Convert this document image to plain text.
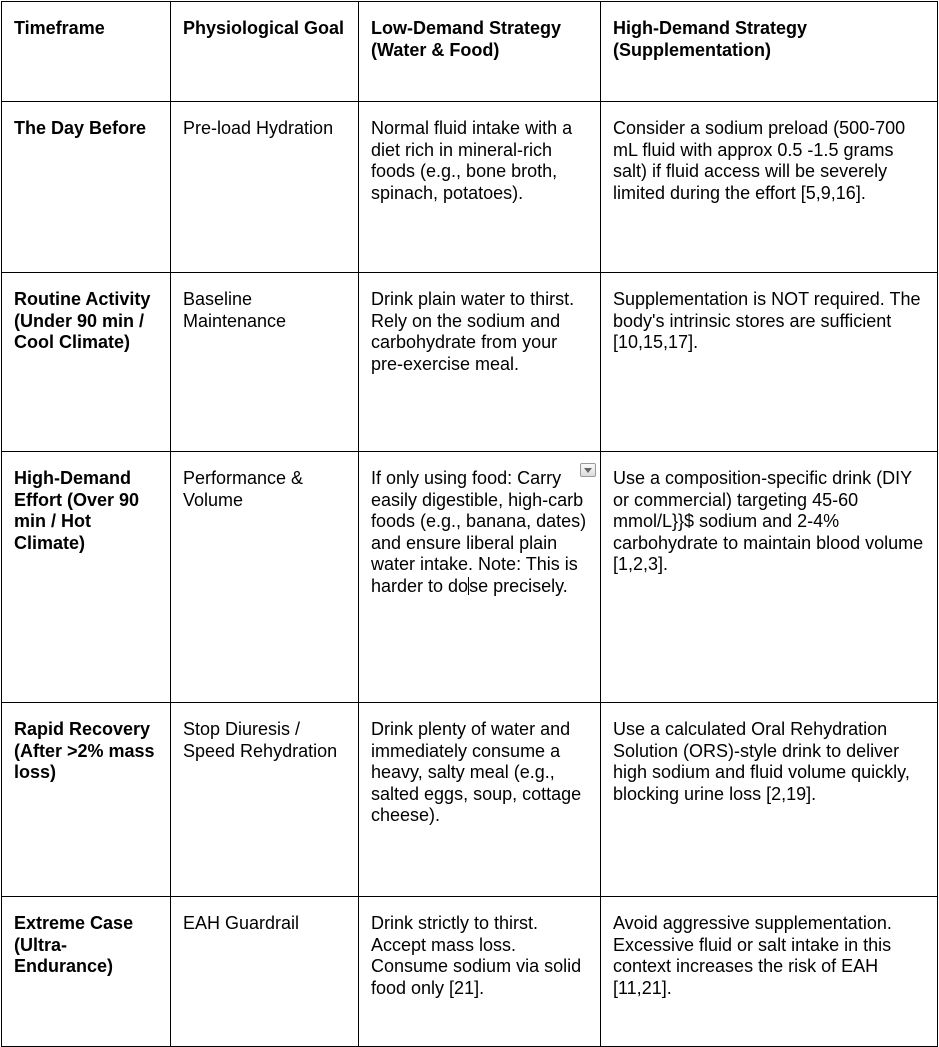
Timeframe	Physiological Goal	Low-Demand Strategy (Water & Food)	High-Demand Strategy (Supplementation)

The Day Before	Pre-load Hydration	Normal fluid intake with a diet rich in mineral-rich foods (e.g., bone broth, spinach, potatoes).	Consider a sodium preload (500-700 mL fluid with approx 0.5 -1.5 grams salt) if fluid access will be severely limited during the effort [5,9,16].

Routine Activity (Under 90 min / Cool Climate)	Baseline Maintenance	Drink plain water to thirst. Rely on the sodium and carbohydrate from your pre-exercise meal.	Supplementation is NOT required. The body's intrinsic stores are sufficient [10,15,17].

High-Demand Effort (Over 90 min / Hot Climate)	Performance & Volume	If only using food: Carry easily digestible, high-carb foods (e.g., banana, dates) and ensure liberal plain water intake. Note: This is harder to dose precisely.	Use a composition-specific drink (DIY or commercial) targeting 45-60 mmol/L}}$ sodium and 2-4% carbohydrate to maintain blood volume [1,2,3].

Rapid Recovery (After >2% mass loss)	Stop Diuresis / Speed Rehydration	Drink plenty of water and immediately consume a heavy, salty meal (e.g., salted eggs, soup, cottage cheese).	Use a calculated Oral Rehydration Solution (ORS)-style drink to deliver high sodium and fluid volume quickly, blocking urine loss [2,19].

Extreme Case (Ultra-Endurance)	EAH Guardrail	Drink strictly to thirst. Accept mass loss. Consume sodium via solid food only [21].	Avoid aggressive supplementation. Excessive fluid or salt intake in this context increases the risk of EAH [11,21].
